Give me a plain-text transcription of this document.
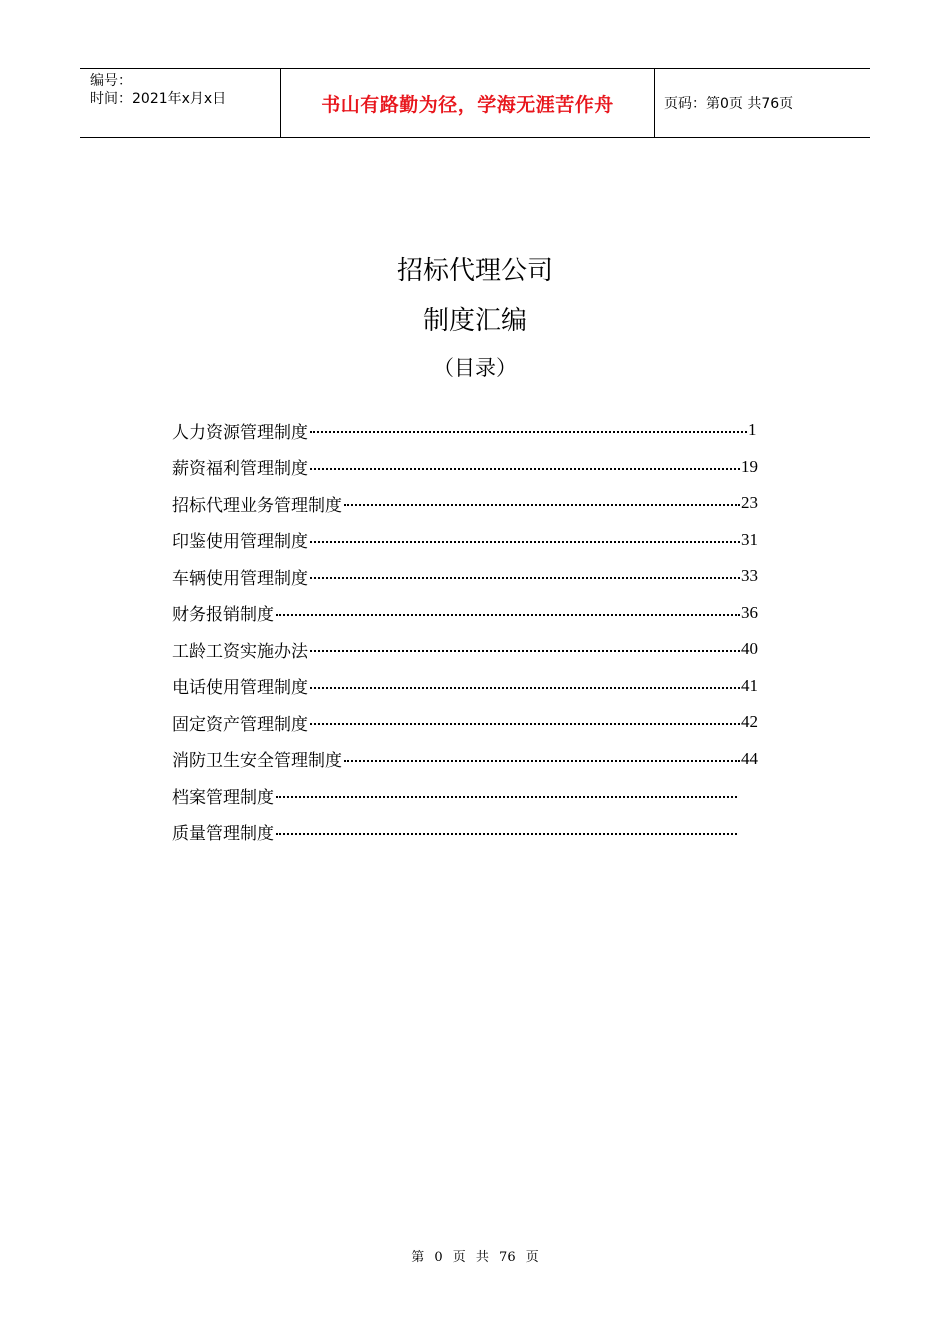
编号：
时间：2021年x月x日	书山有路勤为径，学海无涯苦作舟	页码：第0页 共76页
招标代理公司
制度汇编
（目录）
人力资源管理制度	1
薪资福利管理制度	19
招标代理业务管理制度	23
印鉴使用管理制度	31
车辆使用管理制度	33
财务报销制度	36
工龄工资实施办法	40
电话使用管理制度	41
固定资产管理制度	42
消防卫生安全管理制度	44
档案管理制度
质量管理制度
第 0 页 共 76 页
